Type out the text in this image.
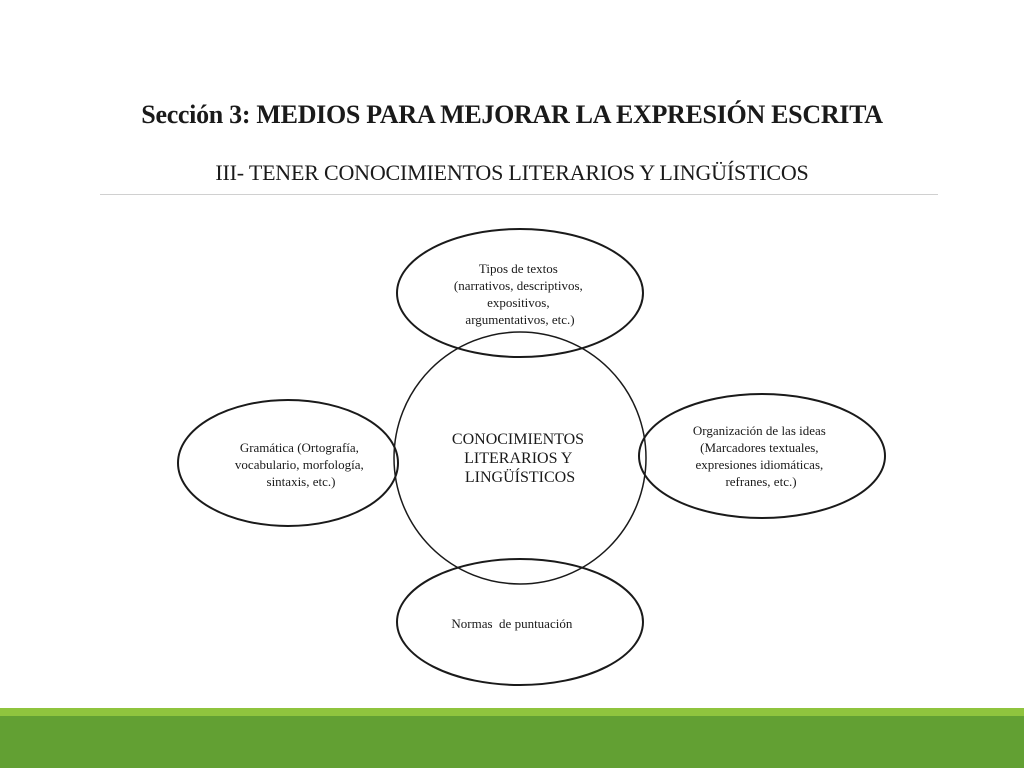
Sección 3: MEDIOS PARA MEJORAR LA EXPRESIÓN ESCRITA
III- TENER CONOCIMIENTOS LITERARIOS Y LINGÜÍSTICOS
CONOCIMIENTOS LITERARIOS Y LINGÜÍSTICOS
Tipos de textos (narrativos, descriptivos, expositivos, argumentativos, etc.)
Gramática (Ortografía, vocabulario, morfología, sintaxis, etc.)
Organización de las ideas (Marcadores textuales, expresiones idiomáticas, refranes, etc.)
Normas  de puntuación
